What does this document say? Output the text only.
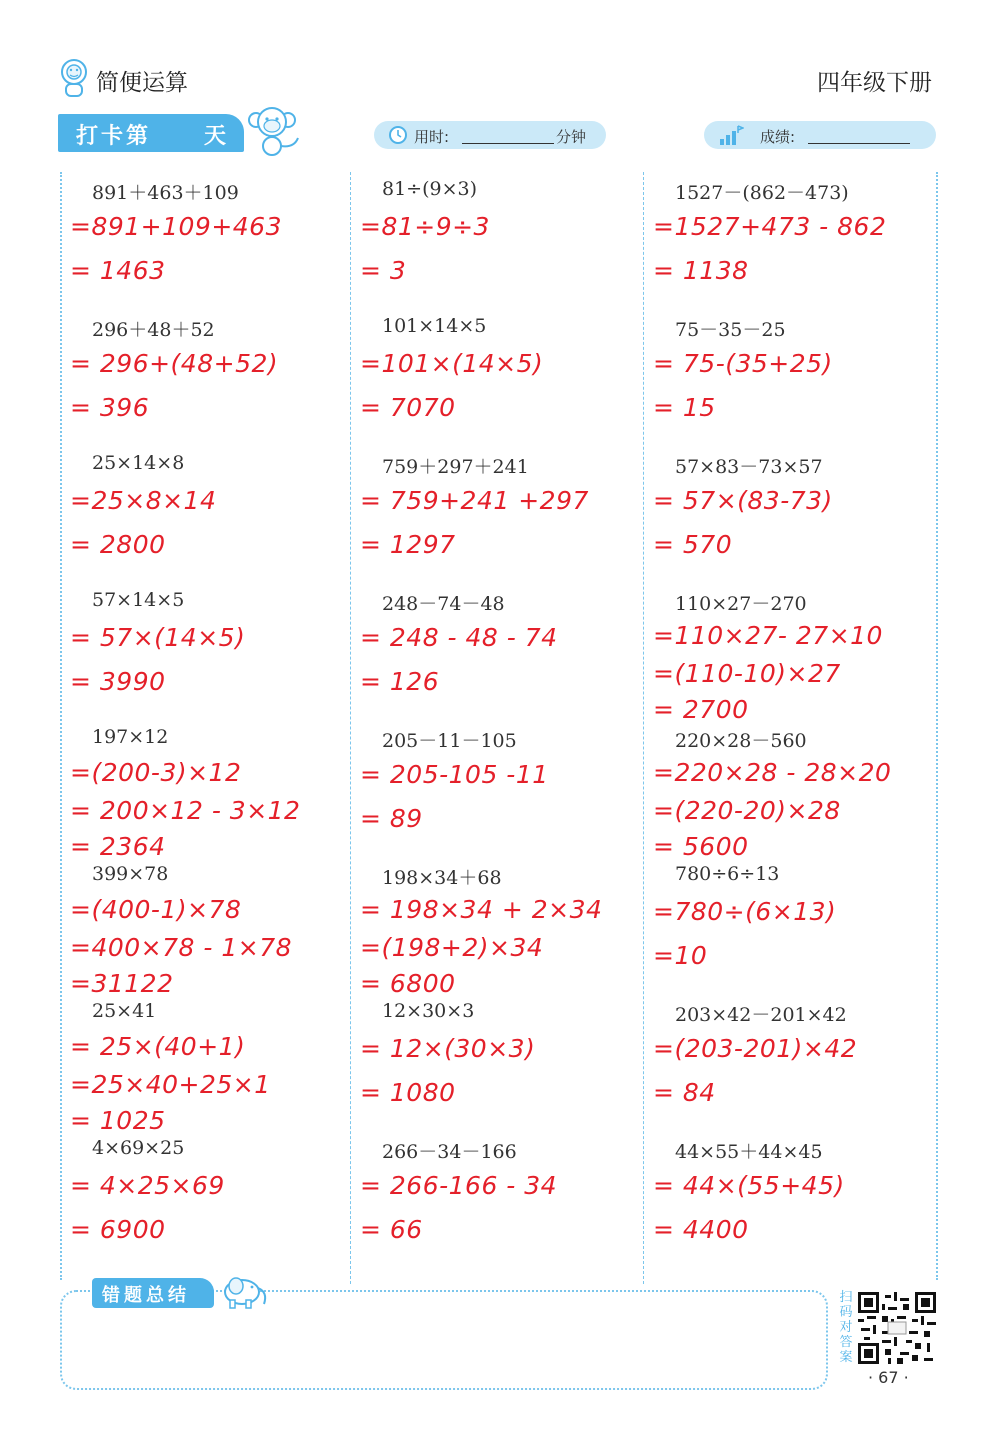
简便运算	四年级下册
打卡第 天	用时:	分钟	成绩:
891＋463＋109
=891+109+463
= 1463
296＋48＋52
= 296+(48+52)
= 396
25×14×8
=25×8×14
= 2800
57×14×5
= 57×(14×5)
= 3990
197×12
=(200-3)×12
= 200×12 - 3×12
= 2364
399×78
=(400-1)×78
=400×78 - 1×78
=31122
25×41
= 25×(40+1)
=25×40+25×1
= 1025
4×69×25
= 4×25×69
= 6900
81÷(9×3)
=81÷9÷3
= 3
101×14×5
=101×(14×5)
= 7070
759＋297＋241
= 759+241 +297
= 1297
248－74－48
= 248 - 48 - 74
= 126
205－11－105
= 205-105 -11
= 89
198×34＋68
= 198×34 + 2×34
=(198+2)×34
= 6800
12×30×3
= 12×(30×3)
= 1080
266－34－166
= 266-166 - 34
= 66
1527－(862－473)
=1527+473 - 862
= 1138
75－35－25
= 75-(35+25)
= 15
57×83－73×57
= 57×(83-73)
= 570
110×27－270
=110×27- 27×10
=(110-10)×27
= 2700
220×28－560
=220×28 - 28×20
=(220-20)×28
= 5600
780÷6÷13
=780÷(6×13)
=10
203×42－201×42
=(203-201)×42
= 84
44×55＋44×45
= 44×(55+45)
= 4400
错题总结	扫码对答案
· 67 ·
